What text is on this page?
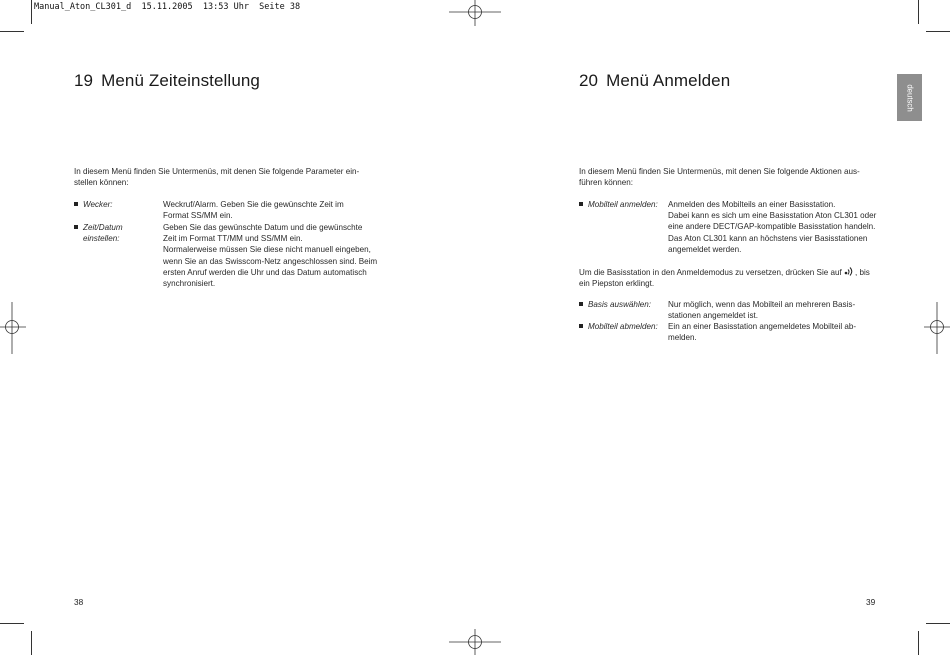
Manual_Aton_CL301_d  15.11.2005  13:53 Uhr  Seite 38
19 Menü Zeiteinstellung
In diesem Menü finden Sie Untermenüs, mit denen Sie folgende Parameter ein-
stellen können:
Wecker:	Weckruf/Alarm. Geben Sie die gewünschte Zeit im
Format SS/MM ein.
Zeit/Datum
einstellen:
Geben Sie das gewünschte Datum und die gewünschte
Zeit im Format TT/MM und SS/MM ein.
Normalerweise müssen Sie diese nicht manuell eingeben,
wenn Sie an das Swisscom-Netz angeschlossen sind. Beim
ersten Anruf werden die Uhr und das Datum automatisch
synchronisiert.
38
20 Menü Anmelden
deutsch
In diesem Menü finden Sie Untermenüs, mit denen Sie folgende Aktionen aus-
führen können:
Mobilteil anmelden: Anmelden des Mobilteils an einer Basisstation.
Dabei kann es sich um eine Basisstation Aton CL301 oder
eine andere DECT/GAP-kompatible Basisstation handeln.
Das Aton CL301 kann an höchstens vier Basisstationen
angemeldet werden.
Um die Basisstation in den Anmeldemodus zu versetzen, drücken Sie auf , bis
ein Piepston erklingt.
Basis auswählen: Nur möglich, wenn das Mobilteil an mehreren Basis-
stationen angemeldet ist.
Mobilteil abmelden: Ein an einer Basisstation angemeldetes Mobilteil ab-
melden.
39
